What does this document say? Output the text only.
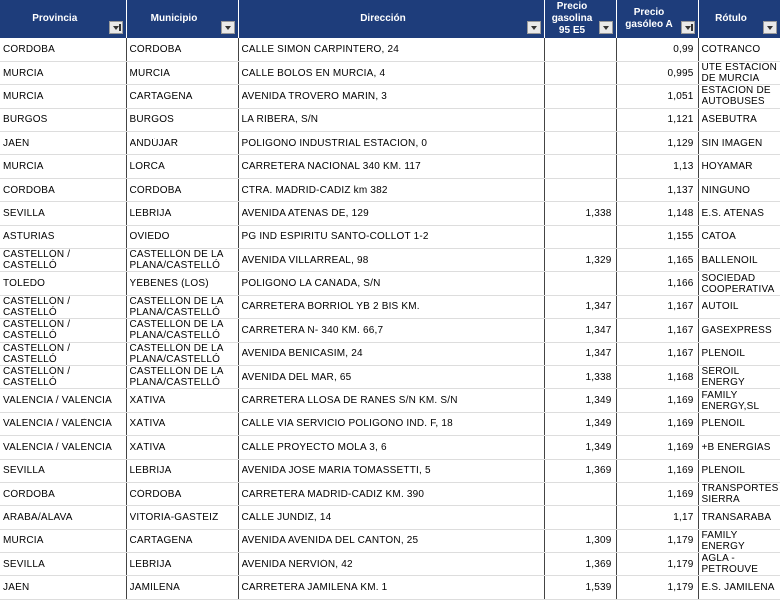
Provincia	Municipio	Dirección	Precio gasolina 95 E5	Precio gasóleo A	Rótulo

CÓRDOBA	CÓRDOBA	CALLE SIMÓN CARPINTERO, 24		0,99	COTRANCO

MURCIA	MURCIA	CALLE BOLOS EN MURCIA, 4		0,995	UTE ESTACION DE MURCIA

MURCIA	CARTAGENA	AVENIDA TROVERO MARIN, 3		1,051	ESTACION DE AUTOBUSES

BURGOS	BURGOS	LA RIBERA, S/N		1,121	ASEBUTRA

JAÉN	ANDÚJAR	POLIGONO INDUSTRIAL ESTACION, 0		1,129	SIN IMAGEN

MURCIA	LORCA	CARRETERA NACIONAL 340 KM. 117		1,13	HOYAMAR

CÓRDOBA	CÓRDOBA	CTRA. MADRID-CADIZ km 382		1,137	NINGUNO

SEVILLA	LEBRIJA	AVENIDA ATENAS DE, 129	1,338	1,148	E.S. ATENAS

ASTURIAS	OVIEDO	PG IND ESPIRITU SANTO-COLLOT 1-2		1,155	CATOA

CASTELLÓN / CASTELLÓ	CASTELLÓN DE LA PLANA/CASTELLÓ	AVENIDA VILLARREAL, 98	1,329	1,165	BALLENOIL

TOLEDO	YÉBENES (LOS)	POLIGONO LA CAÑADA, S/N		1,166	SOCIEDAD COOPERATIVA

CASTELLÓN / CASTELLÓ	CASTELLÓN DE LA PLANA/CASTELLÓ	CARRETERA BORRIOL YB 2 BIS KM.	1,347	1,167	AUTOIL

CASTELLÓN / CASTELLÓ	CASTELLÓN DE LA PLANA/CASTELLÓ	CARRETERA N- 340 KM. 66,7	1,347	1,167	GASEXPRESS

CASTELLÓN / CASTELLÓ	CASTELLÓN DE LA PLANA/CASTELLÓ	AVENIDA BENICASIM, 24	1,347	1,167	PLENOIL

CASTELLÓN / CASTELLÓ	CASTELLÓN DE LA PLANA/CASTELLÓ	AVENIDA DEL MAR, 65	1,338	1,168	SEROIL ENERGY

VALENCIA / VALÈNCIA	XÀTIVA	CARRETERA LLOSA DE RANES S/N KM. S/N	1,349	1,169	FAMILY ENERGY,SL

VALENCIA / VALÈNCIA	XÀTIVA	CALLE VIA SERVICIO POLIGONO IND. F, 18	1,349	1,169	PLENOIL

VALENCIA / VALÈNCIA	XÀTIVA	CALLE PROYECTO MOLA 3, 6	1,349	1,169	+B ENERGIAS

SEVILLA	LEBRIJA	AVENIDA JOSE MARIA TOMASSETTI, 5	1,369	1,169	PLENOIL

CÓRDOBA	CÓRDOBA	CARRETERA MADRID-CADIZ KM. 390		1,169	TRANSPORTES SIERRA

ARABA/ÁLAVA	VITORIA-GASTEIZ	CALLE JUNDIZ, 14		1,17	TRANSARABA

MURCIA	CARTAGENA	AVENIDA AVENIDA DEL CANTON, 25	1,309	1,179	FAMILY ENERGY

SEVILLA	LEBRIJA	AVENIDA NERVIÓN, 42	1,369	1,179	AGLA - PETROUVE

JAÉN	JAMILENA	CARRETERA JAMILENA KM. 1	1,539	1,179	E.S. JAMILENA
